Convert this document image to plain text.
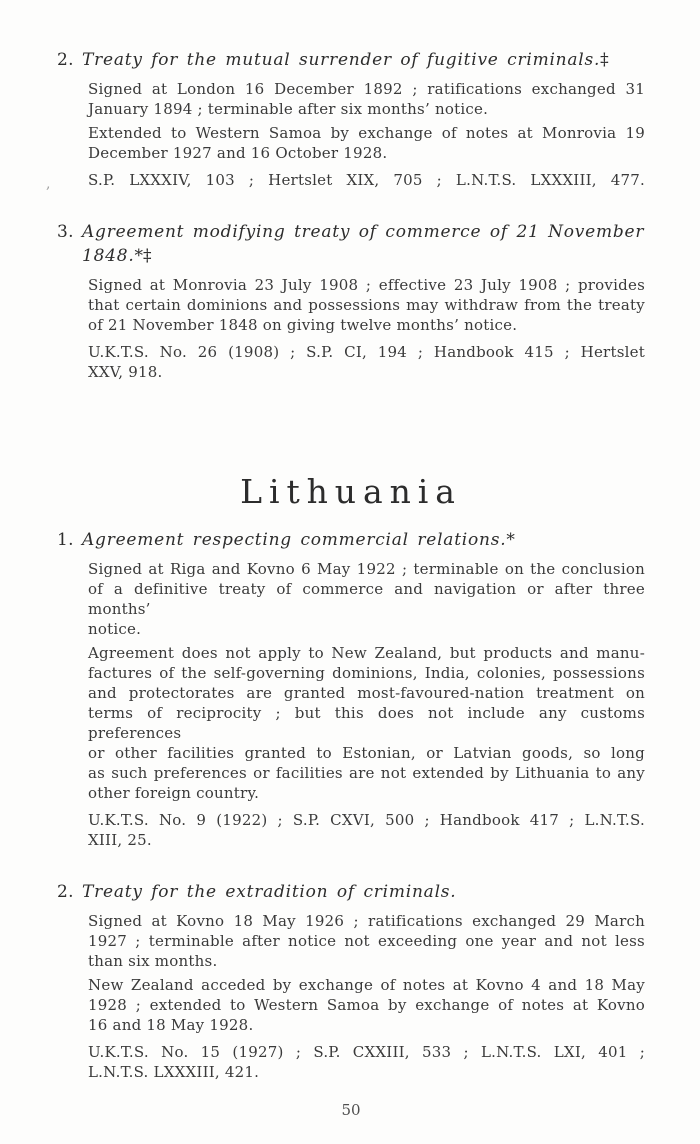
,
2. Treaty for the mutual surrender of fugitive criminals.‡
Signed at London 16 December 1892 ; ratifications exchanged 31
January 1894 ; terminable after six months’ notice.
Extended to Western Samoa by exchange of notes at Monrovia 19
December 1927 and 16 October 1928.
S.P. LXXXIV, 103 ; Hertslet XIX, 705 ; L.N.T.S. LXXXIII, 477.
3. Agreement modifying treaty of commerce of 21 November 1848.*‡
Signed at Monrovia 23 July 1908 ; effective 23 July 1908 ; provides
that certain dominions and possessions may withdraw from the treaty
of 21 November 1848 on giving twelve months’ notice.
U.K.T.S. No. 26 (1908) ; S.P. CI, 194 ; Handbook 415 ; Hertslet
XXV, 918.
Lithuania
1. Agreement respecting commercial relations.*
Signed at Riga and Kovno 6 May 1922 ; terminable on the conclusion
of a definitive treaty of commerce and navigation or after three months’
notice.
Agreement does not apply to New Zealand, but products and manu-
factures of the self-governing dominions, India, colonies, possessions
and protectorates are granted most-favoured-nation treatment on
terms of reciprocity ; but this does not include any customs preferences
or other facilities granted to Estonian, or Latvian goods, so long
as such preferences or facilities are not extended by Lithuania to any
other foreign country.
U.K.T.S. No. 9 (1922) ; S.P. CXVI, 500 ; Handbook 417 ; L.N.T.S.
XIII, 25.
2. Treaty for the extradition of criminals.
Signed at Kovno 18 May 1926 ; ratifications exchanged 29 March
1927 ; terminable after notice not exceeding one year and not less
than six months.
New Zealand acceded by exchange of notes at Kovno 4 and 18 May
1928 ; extended to Western Samoa by exchange of notes at Kovno
16 and 18 May 1928.
U.K.T.S. No. 15 (1927) ; S.P. CXXIII, 533 ; L.N.T.S. LXI, 401 ;
L.N.T.S. LXXXIII, 421.
50
